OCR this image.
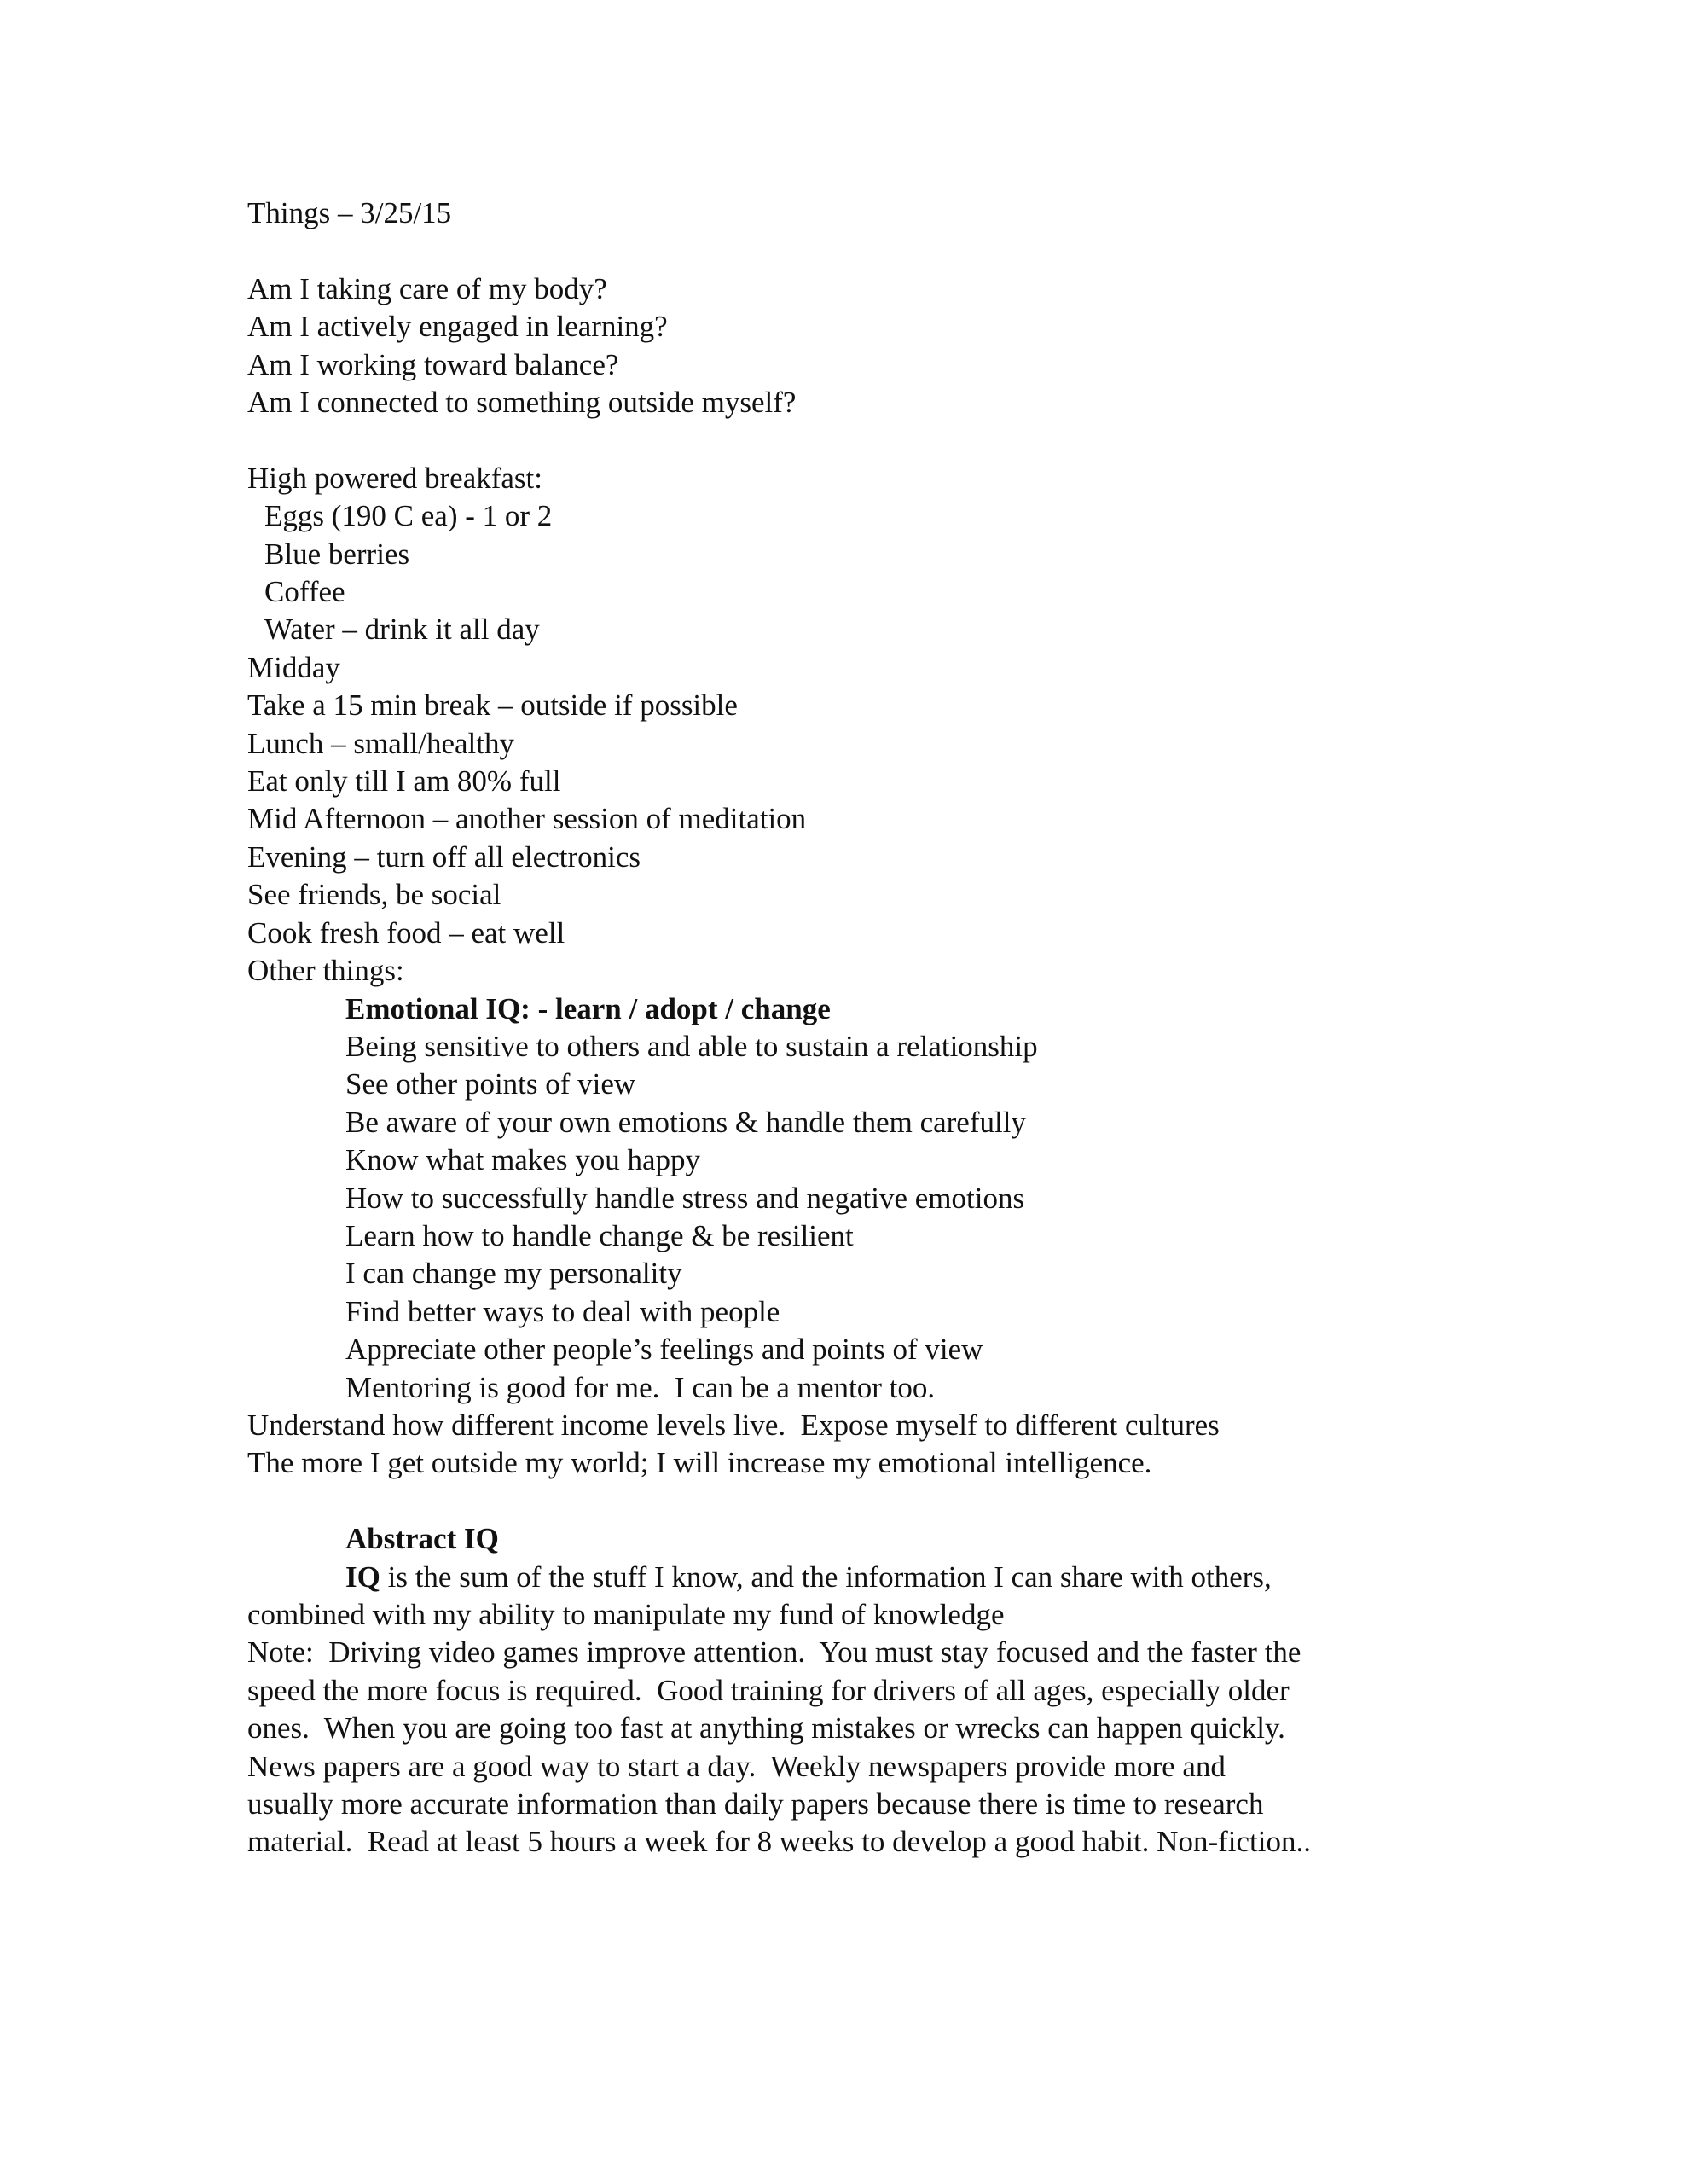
Things – 3/25/15
Am I taking care of my body?
Am I actively engaged in learning?
Am I working toward balance?
Am I connected to something outside myself?
High powered breakfast:
Eggs (190 C ea) - 1 or 2
Blue berries
Coffee
Water – drink it all day
Midday
Take a 15 min break – outside if possible
Lunch – small/healthy
Eat only till I am 80% full
Mid Afternoon – another session of meditation
Evening – turn off all electronics
See friends, be social
Cook fresh food – eat well
Other things:
Emotional IQ: - learn / adopt / change
Being sensitive to others and able to sustain a relationship
See other points of view
Be aware of your own emotions & handle them carefully
Know what makes you happy
How to successfully handle stress and negative emotions
Learn how to handle change & be resilient
I can change my personality
Find better ways to deal with people
Appreciate other people’s feelings and points of view
Mentoring is good for me.  I can be a mentor too.
Understand how different income levels live.  Expose myself to different cultures
The more I get outside my world; I will increase my emotional intelligence.
Abstract IQ
IQ is the sum of the stuff I know, and the information I can share with others,
combined with my ability to manipulate my fund of knowledge
Note:  Driving video games improve attention.  You must stay focused and the faster the
speed the more focus is required.  Good training for drivers of all ages, especially older
ones.  When you are going too fast at anything mistakes or wrecks can happen quickly.
News papers are a good way to start a day.  Weekly newspapers provide more and
usually more accurate information than daily papers because there is time to research
material.  Read at least 5 hours a week for 8 weeks to develop a good habit. Non-fiction..
